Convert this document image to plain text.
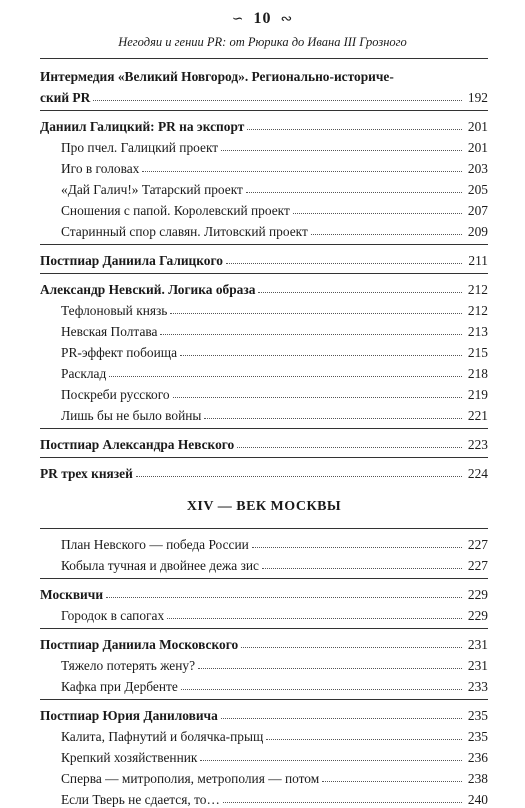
∽ 10 ∾
Негодяи и гении PR: от Рюрика до Ивана III Грозного
Интермедия «Великий Новгород». Регионально-историче-
ский PR	192
Даниил Галицкий: PR на экспорт	201
Про пчел. Галицкий проект	201
Иго в головах	203
«Дай Галич!» Татарский проект	205
Сношения с папой. Королевский проект	207
Старинный спор славян. Литовский проект	209
Постпиар Даниила Галицкого	211
Александр Невский. Логика образа	212
Тефлоновый князь	212
Невская Полтава	213
PR-эффект побоища	215
Расклад	218
Поскреби русского	219
Лишь бы не было войны	221
Постпиар Александра Невского	223
PR трех князей	224
XIV — ВЕК МОСКВЫ
План Невского — победа России	227
Кобыла тучная и двойнее дежа зис	227
Москвичи	229
Городок в сапогах	229
Постпиар Даниила Московского	231
Тяжело потерять жену?	231
Кафка при Дербенте	233
Постпиар Юрия Даниловича	235
Калита, Пафнутий и болячка-прыщ	235
Крепкий хозяйственник	236
Сперва — митрополия, метрополия — потом	238
Если Тверь не сдается, то…	240
